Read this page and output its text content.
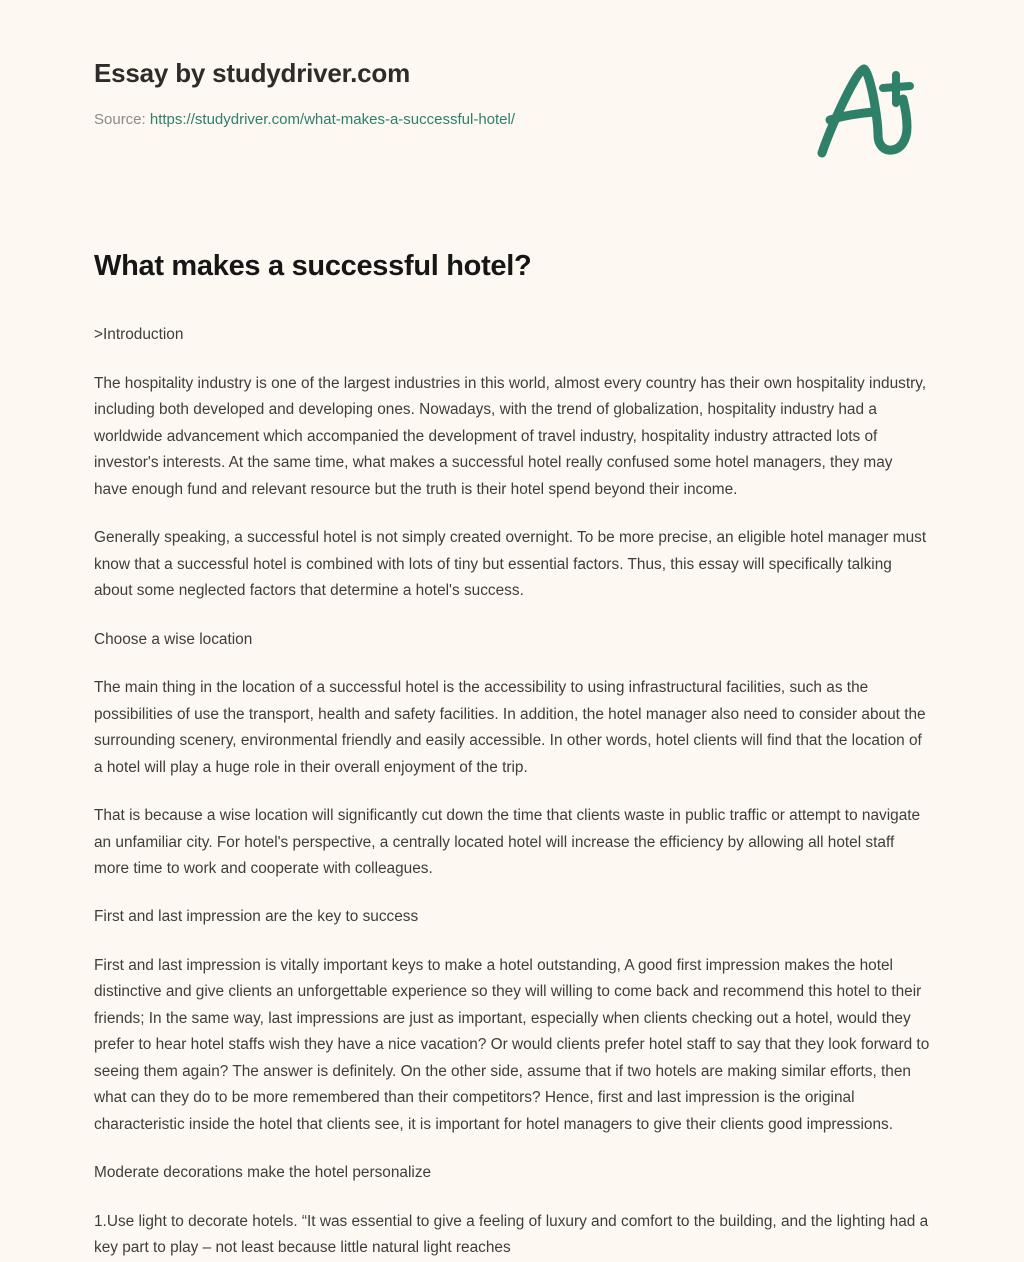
Essay by studydriver.com
Source: https://studydriver.com/what-makes-a-successful-hotel/
What makes a successful hotel?

>Introduction

The hospitality industry is one of the largest industries in this world, almost every country has their own hospitality industry, including both developed and developing ones. Nowadays, with the trend of globalization, hospitality industry had a worldwide advancement which accompanied the development of travel industry, hospitality industry attracted lots of investor's interests. At the same time, what makes a successful hotel really confused some hotel managers, they may have enough fund and relevant resource but the truth is their hotel spend beyond their income.

Generally speaking, a successful hotel is not simply created overnight. To be more precise, an eligible hotel manager must know that a successful hotel is combined with lots of tiny but essential factors. Thus, this essay will specifically talking about some neglected factors that determine a hotel's success.

Choose a wise location

The main thing in the location of a successful hotel is the accessibility to using infrastructural facilities, such as the possibilities of use the transport, health and safety facilities. In addition, the hotel manager also need to consider about the surrounding scenery, environmental friendly and easily accessible. In other words, hotel clients will find that the location of a hotel will play a huge role in their overall enjoyment of the trip.

That is because a wise location will significantly cut down the time that clients waste in public traffic or attempt to navigate an unfamiliar city. For hotel's perspective, a centrally located hotel will increase the efficiency by allowing all hotel staff more time to work and cooperate with colleagues.

First and last impression are the key to success

First and last impression is vitally important keys to make a hotel outstanding, A good first impression makes the hotel distinctive and give clients an unforgettable experience so they will willing to come back and recommend this hotel to their friends; In the same way, last impressions are just as important, especially when clients checking out a hotel, would they prefer to hear hotel staffs wish they have a nice vacation? Or would clients prefer hotel staff to say that they look forward to seeing them again? The answer is definitely. On the other side, assume that if two hotels are making similar efforts, then what can they do to be more remembered than their competitors? Hence, first and last impression is the original characteristic inside the hotel that clients see, it is important for hotel managers to give their clients good impressions.

Moderate decorations make the hotel personalize

1.Use light to decorate hotels. “It was essential to give a feeling of luxury and comfort to the building, and the lighting had a key part to play – not least because little natural light reaches
